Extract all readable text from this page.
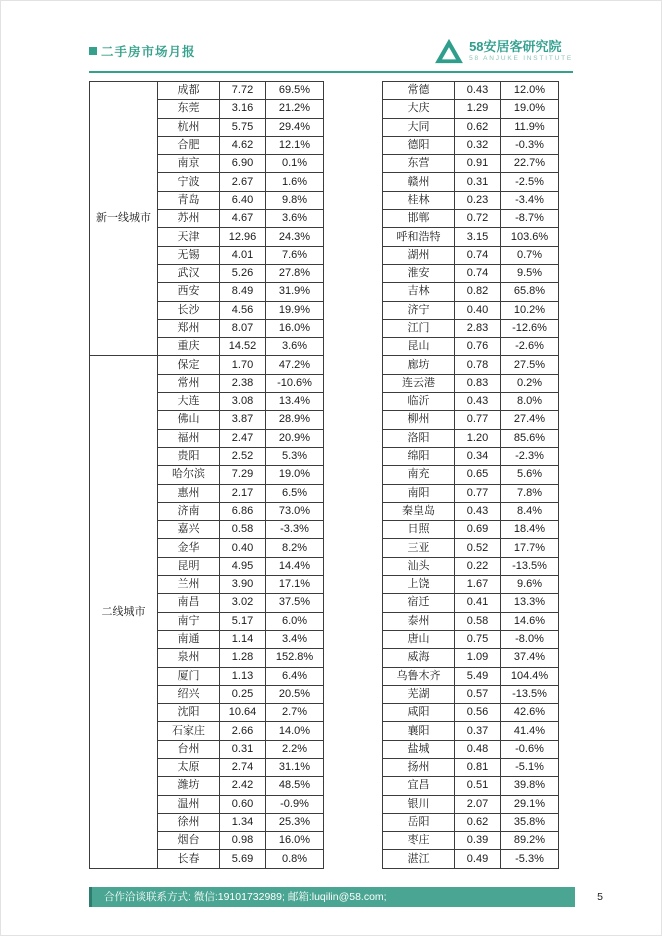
二手房市场月报	58安居客研究院
58 ANJUKE INSTITUTE
新一线城市	成都	7.72	69.5%
	东莞	3.16	21.2%
	杭州	5.75	29.4%
	合肥	4.62	12.1%
	南京	6.90	0.1%
	宁波	2.67	1.6%
	青岛	6.40	9.8%
	苏州	4.67	3.6%
	天津	12.96	24.3%
	无锡	4.01	7.6%
	武汉	5.26	27.8%
	西安	8.49	31.9%
	长沙	4.56	19.9%
	郑州	8.07	16.0%
	重庆	14.52	3.6%
二线城市	保定	1.70	47.2%
	常州	2.38	-10.6%
	大连	3.08	13.4%
	佛山	3.87	28.9%
	福州	2.47	20.9%
	贵阳	2.52	5.3%
	哈尔滨	7.29	19.0%
	惠州	2.17	6.5%
	济南	6.86	73.0%
	嘉兴	0.58	-3.3%
	金华	0.40	8.2%
	昆明	4.95	14.4%
	兰州	3.90	17.1%
	南昌	3.02	37.5%
	南宁	5.17	6.0%
	南通	1.14	3.4%
	泉州	1.28	152.8%
	厦门	1.13	6.4%
	绍兴	0.25	20.5%
	沈阳	10.64	2.7%
	石家庄	2.66	14.0%
	台州	0.31	2.2%
	太原	2.74	31.1%
	潍坊	2.42	48.5%
	温州	0.60	-0.9%
	徐州	1.34	25.3%
	烟台	0.98	16.0%
	长春	5.69	0.8%
常德	0.43	12.0%
大庆	1.29	19.0%
大同	0.62	11.9%
德阳	0.32	-0.3%
东营	0.91	22.7%
赣州	0.31	-2.5%
桂林	0.23	-3.4%
邯郸	0.72	-8.7%
呼和浩特	3.15	103.6%
湖州	0.74	0.7%
淮安	0.74	9.5%
吉林	0.82	65.8%
济宁	0.40	10.2%
江门	2.83	-12.6%
昆山	0.76	-2.6%
廊坊	0.78	27.5%
连云港	0.83	0.2%
临沂	0.43	8.0%
柳州	0.77	27.4%
洛阳	1.20	85.6%
绵阳	0.34	-2.3%
南充	0.65	5.6%
南阳	0.77	7.8%
秦皇岛	0.43	8.4%
日照	0.69	18.4%
三亚	0.52	17.7%
汕头	0.22	-13.5%
上饶	1.67	9.6%
宿迁	0.41	13.3%
泰州	0.58	14.6%
唐山	0.75	-8.0%
威海	1.09	37.4%
乌鲁木齐	5.49	104.4%
芜湖	0.57	-13.5%
咸阳	0.56	42.6%
襄阳	0.37	41.4%
盐城	0.48	-0.6%
扬州	0.81	-5.1%
宜昌	0.51	39.8%
银川	2.07	29.1%
岳阳	0.62	35.8%
枣庄	0.39	89.2%
湛江	0.49	-5.3%
合作洽谈联系方式: 微信:19101732989; 邮箱:luqilin@58.com;	5
